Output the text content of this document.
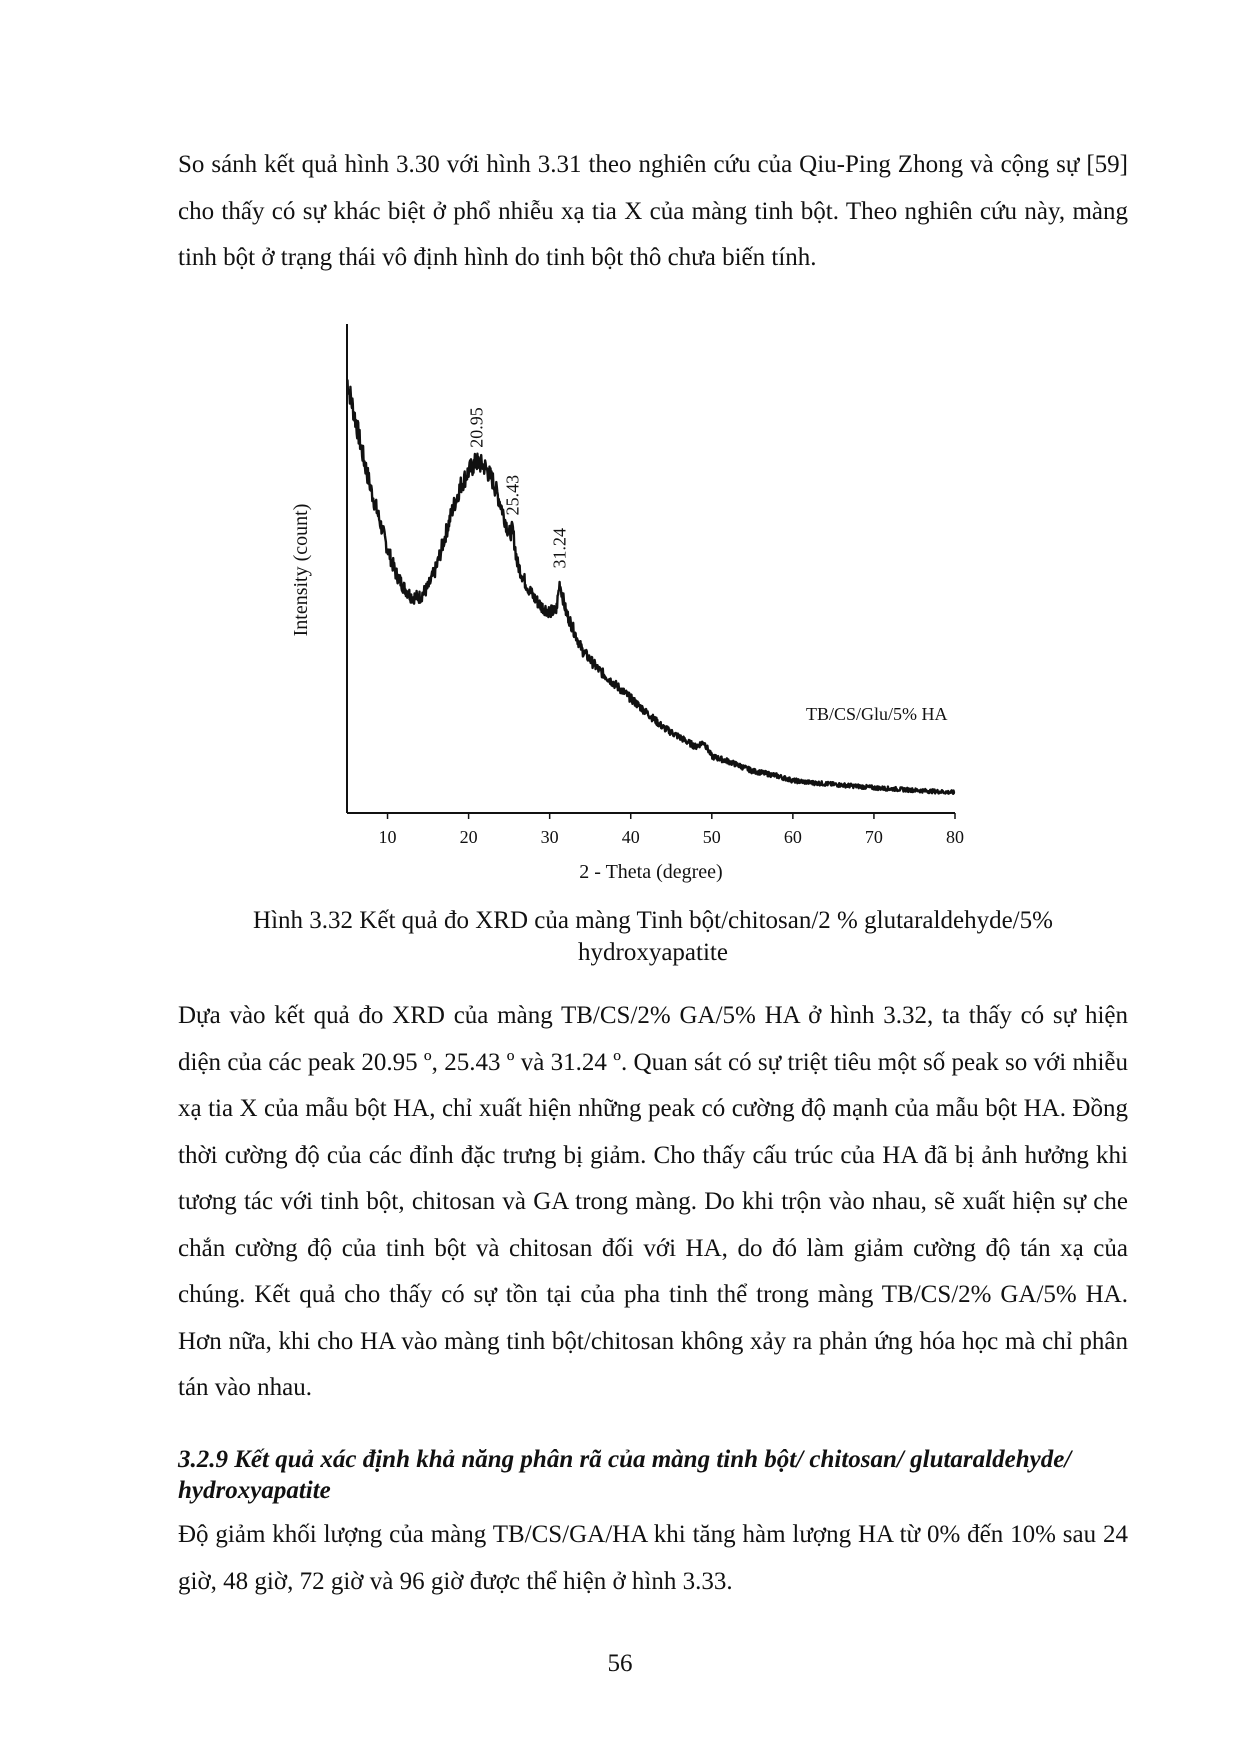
So sánh kết quả hình 3.30 với hình 3.31 theo nghiên cứu của Qiu-Ping Zhong và cộng sự [59] cho thấy có sự khác biệt ở phổ nhiễu xạ tia X của màng tinh bột. Theo nghiên cứu này, màng tinh bột ở trạng thái vô định hình do tinh bột thô chưa biến tính.
10	20	30	40	50	60	70	80
20.95
25.43
31.24
TB/CS/Glu/5% HA
2 - Theta (degree)
Intensity (count)
Hình 3.32 Kết quả đo XRD của màng Tinh bột/chitosan/2 % glutaraldehyde/5% hydroxyapatite
Dựa vào kết quả đo XRD của màng TB/CS/2% GA/5% HA ở hình 3.32, ta thấy có sự hiện diện của các peak 20.95 º, 25.43 º và 31.24 º. Quan sát có sự triệt tiêu một số peak so với nhiễu xạ tia X của mẫu bột HA, chỉ xuất hiện những peak có cường độ mạnh của mẫu bột HA. Đồng thời cường độ của các đỉnh đặc trưng bị giảm. Cho thấy cấu trúc của HA đã bị ảnh hưởng khi tương tác với tinh bột, chitosan và GA trong màng. Do khi trộn vào nhau, sẽ xuất hiện sự che chắn cường độ của tinh bột và chitosan đối với HA, do đó làm giảm cường độ tán xạ của chúng. Kết quả cho thấy có sự tồn tại của pha tinh thể trong màng TB/CS/2% GA/5% HA. Hơn nữa, khi cho HA vào màng tinh bột/chitosan không xảy ra phản ứng hóa học mà chỉ phân tán vào nhau.
3.2.9 Kết quả xác định khả năng phân rã của màng tinh bột/ chitosan/ glutaraldehyde/ hydroxyapatite
Độ giảm khối lượng của màng TB/CS/GA/HA khi tăng hàm lượng HA từ 0% đến 10% sau 24 giờ, 48 giờ, 72 giờ và 96 giờ được thể hiện ở hình 3.33.
56
